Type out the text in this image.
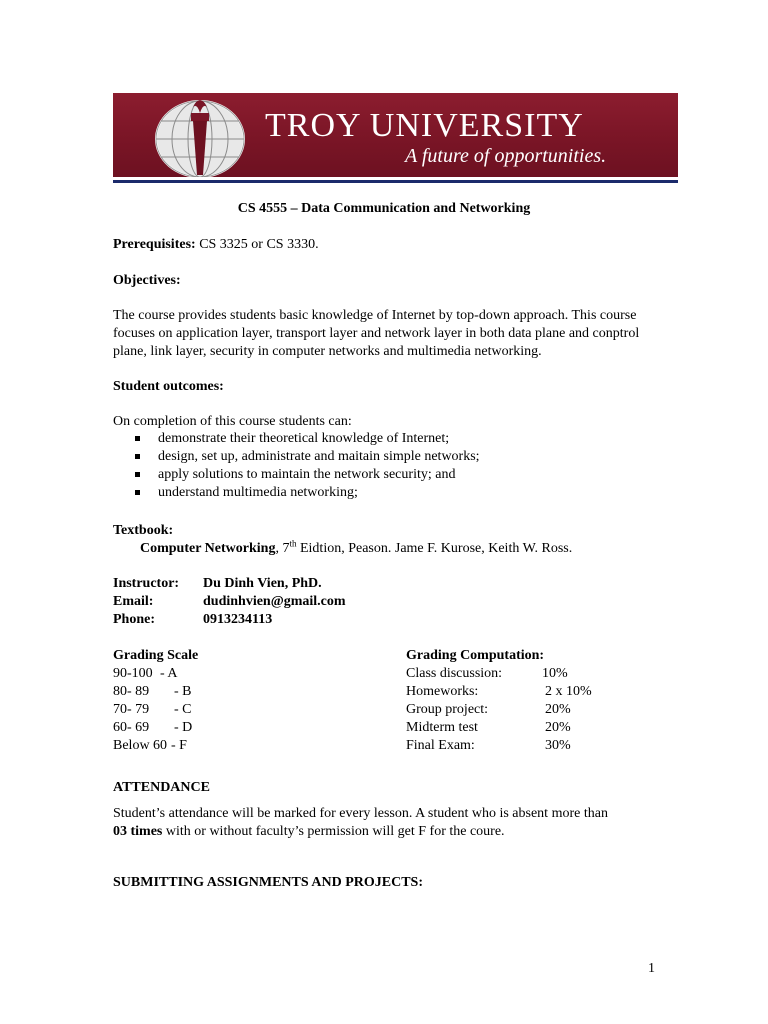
TROY UNIVERSITY
A future of opportunities.
CS 4555 – Data Communication and Networking
Prerequisites: CS 3325 or CS 3330.
Objectives:
The course provides students basic knowledge of Internet by top-down approach. This course focuses on application layer, transport layer and network layer in both data plane and conptrol plane, link layer, security in computer networks and multimedia networking.
Student outcomes:
On completion of this course students can:
demonstrate their theoretical knowledge of Internet;
design, set up, administrate and maitain simple networks;
apply solutions to maintain the network security; and
understand multimedia networking;
Textbook:
Computer Networking, 7th Eidtion, Peason. Jame F. Kurose, Keith W. Ross.
Instructor: Du Dinh Vien, PhD.
Email:	dudinhvien@gmail.com
Phone:	0913234113
Grading Scale
90-100 - A
80- 89 - B
70- 79 - C
60- 69 - D
Below 60 - F
Grading Computation:
Class discussion:	10%
Homeworks:	2 x 10%
Group project:	20%
Midterm test	20%
Final Exam:	30%
ATTENDANCE
Student’s attendance will be marked for every lesson. A student who is absent more than
03 times with or without faculty’s permission will get F for the coure.
SUBMITTING ASSIGNMENTS AND PROJECTS:
1
